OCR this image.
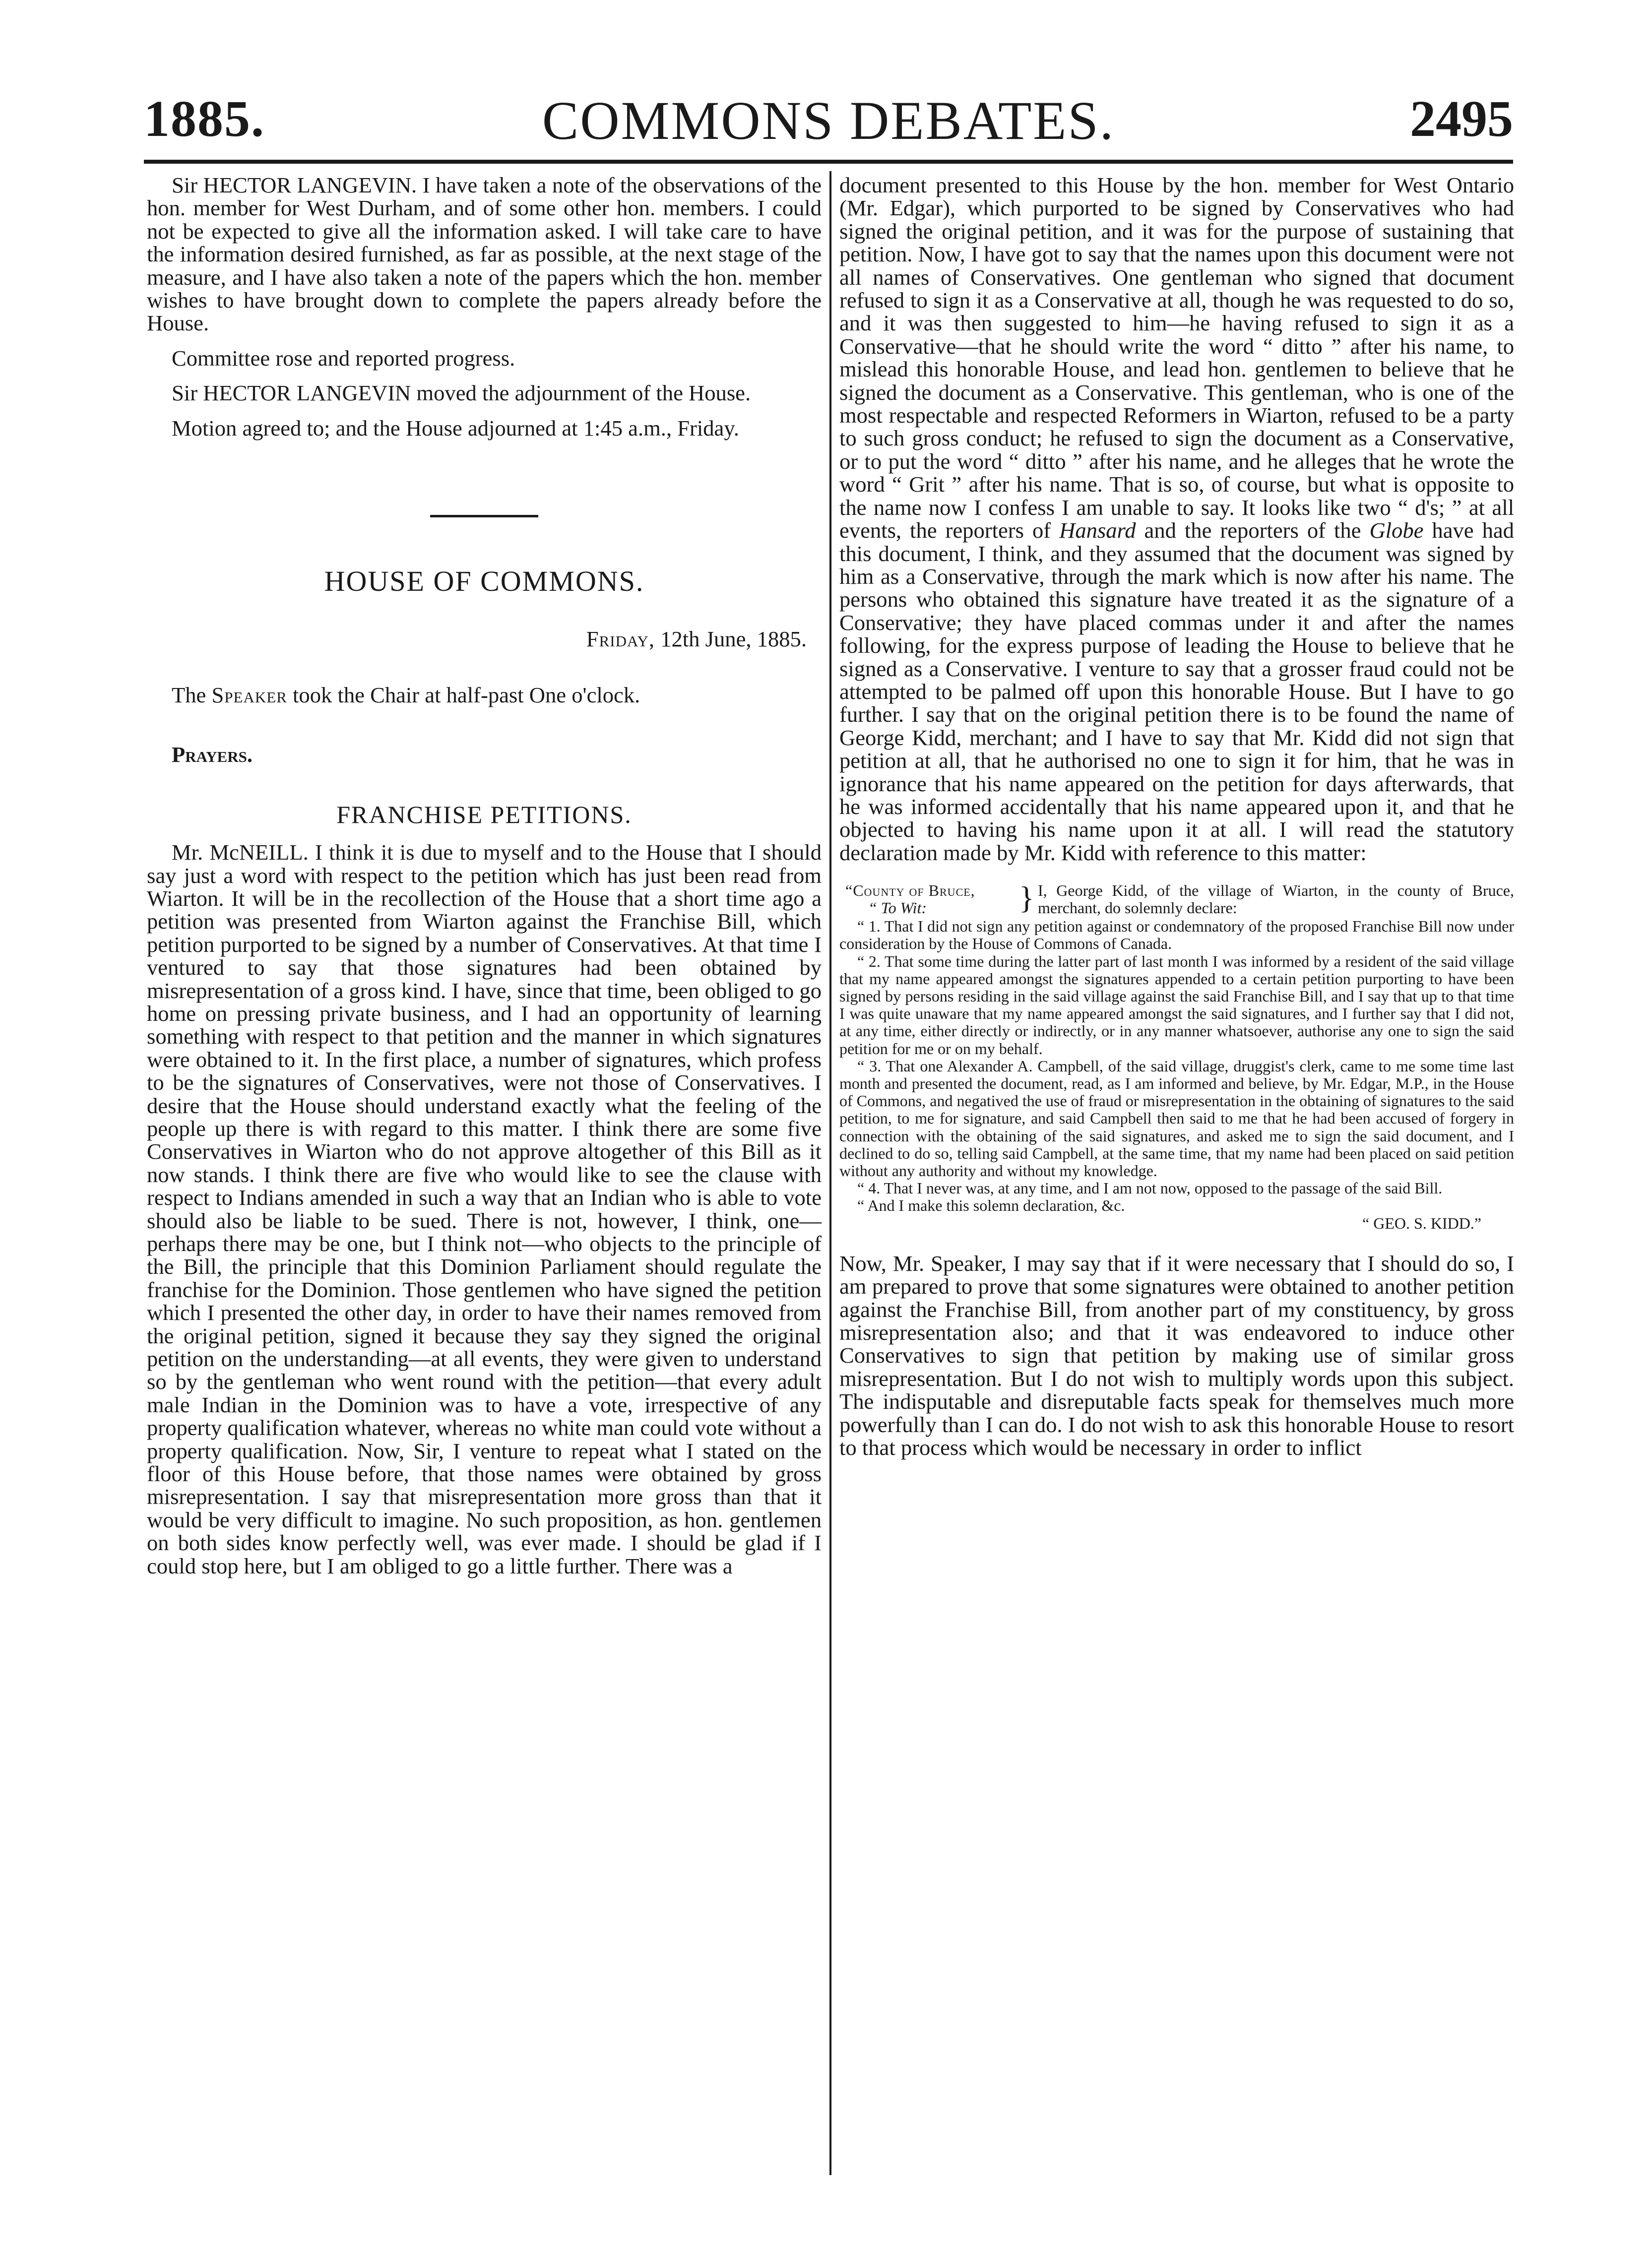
1885.	COMMONS DEBATES.	2495

Sir HECTOR LANGEVIN. I have taken a note of the observations of the hon. member for West Durham, and of some other hon. members. I could not be expected to give all the information asked. I will take care to have the information desired furnished, as far as possible, at the next stage of the measure, and I have also taken a note of the papers which the hon. member wishes to have brought down to complete the papers already before the House.

Committee rose and reported progress.

Sir HECTOR LANGEVIN moved the adjournment of the House.

Motion agreed to; and the House adjourned at 1:45 a.m., Friday.

HOUSE OF COMMONS.
Friday, 12th June, 1885.
The Speaker took the Chair at half-past One o'clock.
Prayers.
FRANCHISE PETITIONS.

Mr. McNEILL. I think it is due to myself and to the House that I should say just a word with respect to the petition which has just been read from Wiarton. It will be in the recollection of the House that a short time ago a petition was presented from Wiarton against the Franchise Bill, which petition purported to be signed by a number of Conservatives. At that time I ventured to say that those signatures had been obtained by misrepresentation of a gross kind. I have, since that time, been obliged to go home on pressing private business, and I had an opportunity of learning something with respect to that petition and the manner in which signatures were obtained to it. In the first place, a number of signatures, which profess to be the signatures of Conservatives, were not those of Conservatives. I desire that the House should understand exactly what the feeling of the people up there is with regard to this matter. I think there are some five Conservatives in Wiarton who do not approve altogether of this Bill as it now stands. I think there are five who would like to see the clause with respect to Indians amended in such a way that an Indian who is able to vote should also be liable to be sued. There is not, however, I think, one—perhaps there may be one, but I think not—who objects to the principle of the Bill, the principle that this Dominion Parliament should regulate the franchise for the Dominion. Those gentlemen who have signed the petition which I presented the other day, in order to have their names removed from the original petition, signed it because they say they signed the original petition on the understanding—at all events, they were given to understand so by the gentleman who went round with the petition—that every adult male Indian in the Dominion was to have a vote, irrespective of any property qualification whatever, whereas no white man could vote without a property qualification. Now, Sir, I venture to repeat what I stated on the floor of this House before, that those names were obtained by gross misrepresentation. I say that misrepresentation more gross than that it would be very difficult to imagine. No such proposition, as hon. gentlemen on both sides know perfectly well, was ever made. I should be glad if I could stop here, but I am obliged to go a little further. There was a

document presented to this House by the hon. member for West Ontario (Mr. Edgar), which purported to be signed by Conservatives who had signed the original petition, and it was for the purpose of sustaining that petition. Now, I have got to say that the names upon this document were not all names of Conservatives. One gentleman who signed that document refused to sign it as a Conservative at all, though he was requested to do so, and it was then suggested to him—he having refused to sign it as a Conservative—that he should write the word “ ditto ” after his name, to mislead this honorable House, and lead hon. gentlemen to believe that he signed the document as a Conservative. This gentleman, who is one of the most respectable and respected Reformers in Wiarton, refused to be a party to such gross conduct; he refused to sign the document as a Conservative, or to put the word “ ditto ” after his name, and he alleges that he wrote the word “ Grit ” after his name. That is so, of course, but what is opposite to the name now I confess I am unable to say. It looks like two “ d's; ” at all events, the reporters of Hansard and the reporters of the Globe have had this document, I think, and they assumed that the document was signed by him as a Conservative, through the mark which is now after his name. The persons who obtained this signature have treated it as the signature of a Conservative; they have placed commas under it and after the names following, for the express purpose of leading the House to believe that he signed as a Conservative. I venture to say that a grosser fraud could not be attempted to be palmed off upon this honorable House. But I have to go further. I say that on the original petition there is to be found the name of George Kidd, merchant; and I have to say that Mr. Kidd did not sign that petition at all, that he authorised no one to sign it for him, that he was in ignorance that his name appeared on the petition for days afterwards, that he was informed accidentally that his name appeared upon it, and that he objected to having his name upon it at all. I will read the statutory declaration made by Mr. Kidd with reference to this matter:

“County of Bruce,
“ To Wit:	} I, George Kidd, of the village of Wiarton, in the county of Bruce, merchant, do solemnly declare:

“ 1. That I did not sign any petition against or condemnatory of the proposed Franchise Bill now under consideration by the House of Commons of Canada.

“ 2. That some time during the latter part of last month I was informed by a resident of the said village that my name appeared amongst the signatures appended to a certain petition purporting to have been signed by persons residing in the said village against the said Franchise Bill, and I say that up to that time I was quite unaware that my name appeared amongst the said signatures, and I further say that I did not, at any time, either directly or indirectly, or in any manner whatsoever, authorise any one to sign the said petition for me or on my behalf.

“ 3. That one Alexander A. Campbell, of the said village, druggist's clerk, came to me some time last month and presented the document, read, as I am informed and believe, by Mr. Edgar, M.P., in the House of Commons, and negatived the use of fraud or misrepresentation in the obtaining of signatures to the said petition, to me for signature, and said Campbell then said to me that he had been accused of forgery in connection with the obtaining of the said signatures, and asked me to sign the said document, and I declined to do so, telling said Campbell, at the same time, that my name had been placed on said petition without any authority and without my knowledge.

“ 4. That I never was, at any time, and I am not now, opposed to the passage of the said Bill.

“ And I make this solemn declaration, &c.

“ GEO. S. KIDD.”

Now, Mr. Speaker, I may say that if it were necessary that I should do so, I am prepared to prove that some signatures were obtained to another petition against the Franchise Bill, from another part of my constituency, by gross misrepresentation also; and that it was endeavored to induce other Conservatives to sign that petition by making use of similar gross misrepresentation. But I do not wish to multiply words upon this subject. The indisputable and disreputable facts speak for themselves much more powerfully than I can do. I do not wish to ask this honorable House to resort to that process which would be necessary in order to inflict
